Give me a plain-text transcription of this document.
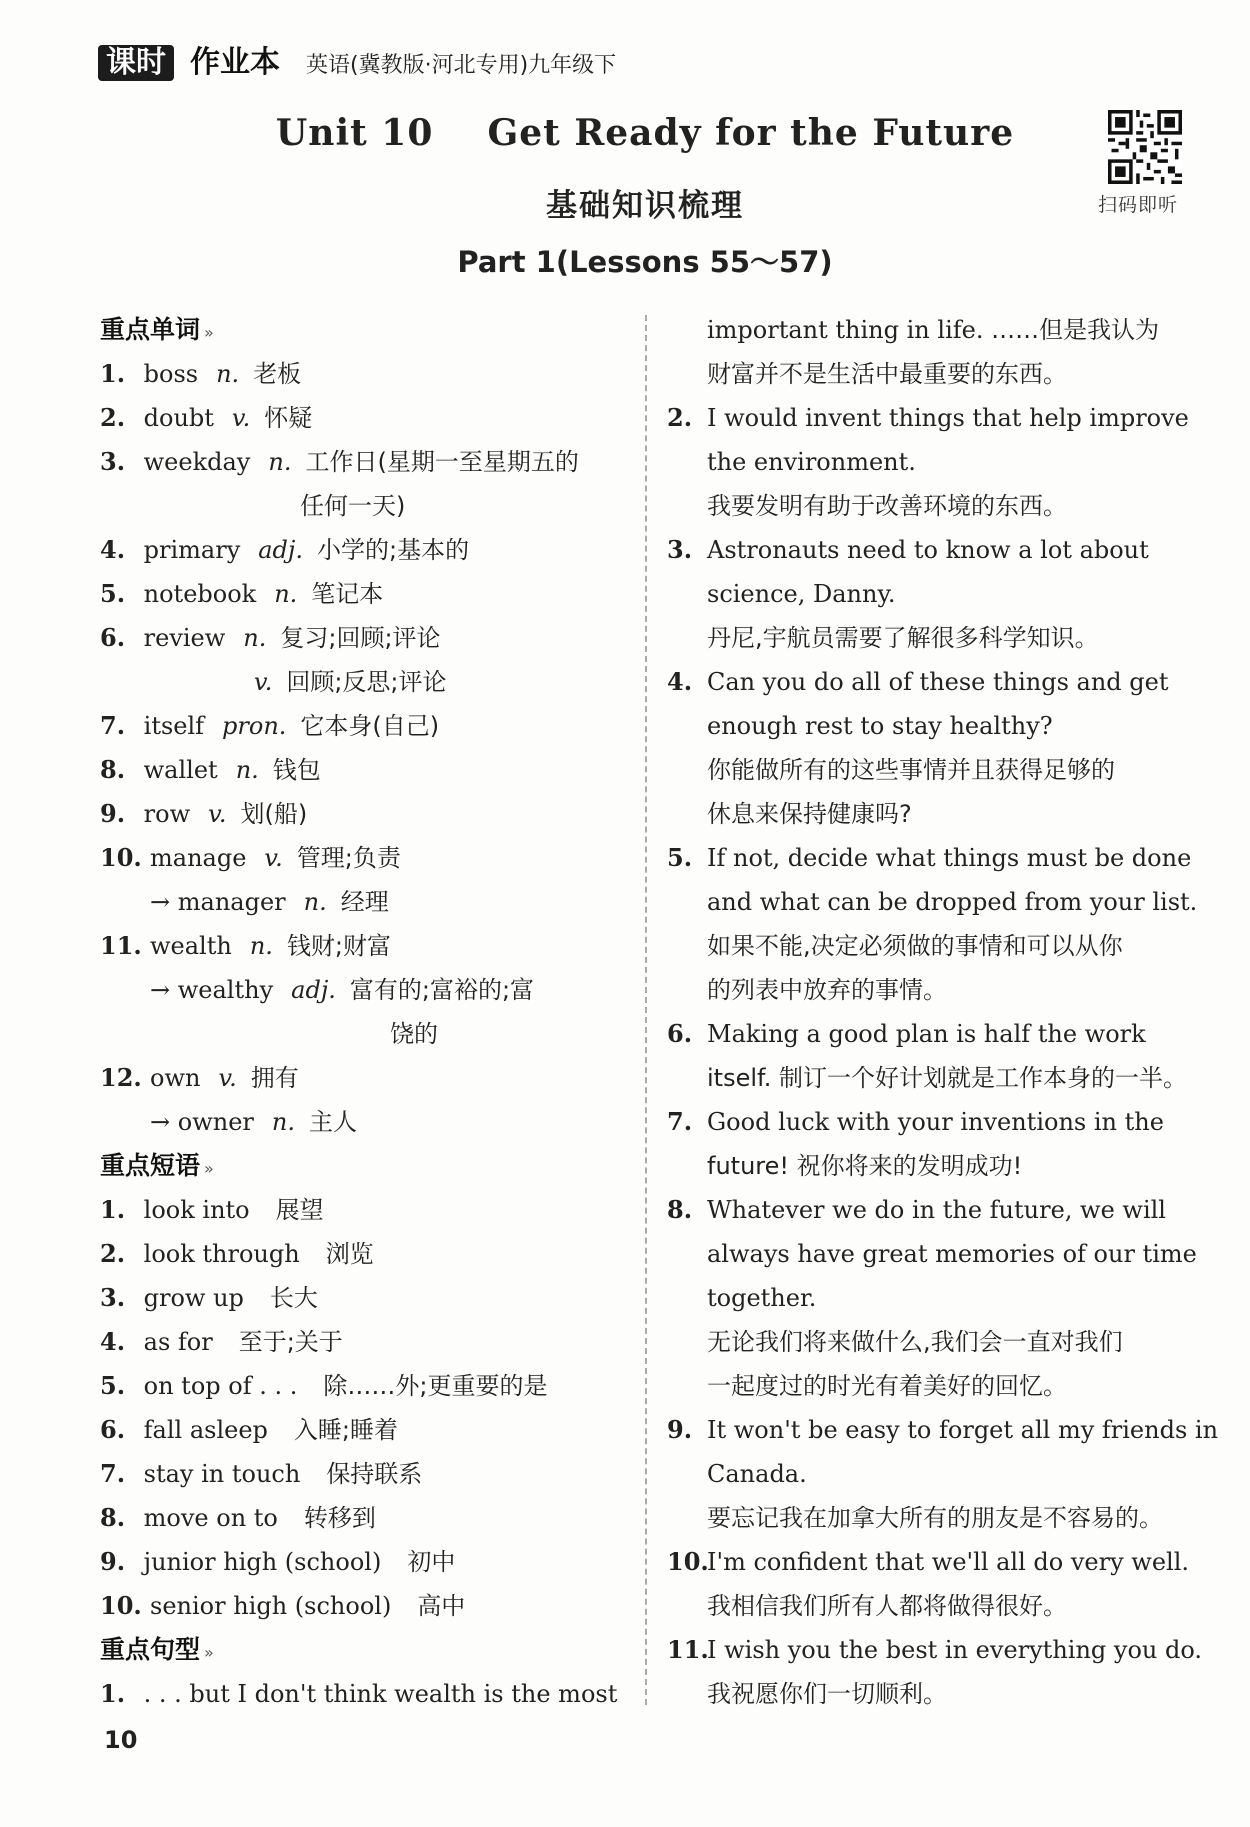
课时 作业本 英语(冀教版·河北专用)九年级下
Unit 10    Get Ready for the Future
基础知识梳理
Part 1(Lessons 55～57)
扫码即听
重点单词 »
1. boss n. 老板
2. doubt v. 怀疑
3. weekday n. 工作日(星期一至星期五的
任何一天)
4. primary adj. 小学的;基本的
5. notebook n. 笔记本
6. review n. 复习;回顾;评论
v. 回顾;反思;评论
7. itself pron. 它本身(自己)
8. wallet n. 钱包
9. row v. 划(船)
10. manage v. 管理;负责
→ manager n. 经理
11. wealth n. 钱财;财富
→ wealthy adj. 富有的;富裕的;富
饶的
12. own v. 拥有
→ owner n. 主人
重点短语 »
1. look into 展望
2. look through 浏览
3. grow up 长大
4. as for 至于;关于
5. on top of . . . 除……外;更重要的是
6. fall asleep 入睡;睡着
7. stay in touch 保持联系
8. move on to 转移到
9. junior high (school) 初中
10. senior high (school) 高中
重点句型 »
1. . . . but I don't think wealth is the most
important thing in life. ……但是我认为
财富并不是生活中最重要的东西。
2. I would invent things that help improve
the environment.
我要发明有助于改善环境的东西。
3. Astronauts need to know a lot about
science, Danny.
丹尼,宇航员需要了解很多科学知识。
4. Can you do all of these things and get
enough rest to stay healthy?
你能做所有的这些事情并且获得足够的
休息来保持健康吗?
5. If not, decide what things must be done
and what can be dropped from your list.
如果不能,决定必须做的事情和可以从你
的列表中放弃的事情。
6. Making a good plan is half the work
itself. 制订一个好计划就是工作本身的一半。
7. Good luck with your inventions in the
future! 祝你将来的发明成功!
8. Whatever we do in the future, we will
always have great memories of our time
together.
无论我们将来做什么,我们会一直对我们
一起度过的时光有着美好的回忆。
9. It won't be easy to forget all my friends in
Canada.
要忘记我在加拿大所有的朋友是不容易的。
10.
I'm confident that we'll all do very well.
我相信我们所有人都将做得很好。
11.
I wish you the best in everything you do.
我祝愿你们一切顺利。
10
